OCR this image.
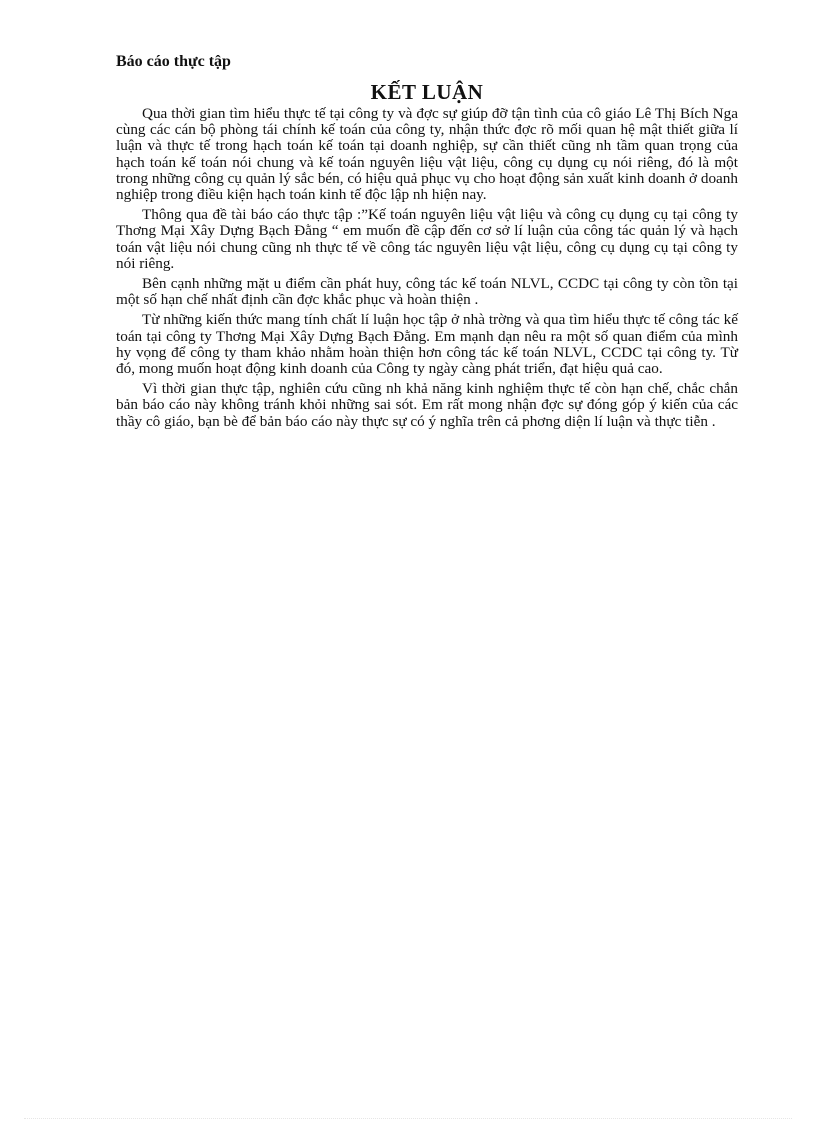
Báo cáo thực tập
KẾT LUẬN

Qua thời gian tìm hiểu thực tế tại công ty và đợc sự giúp đỡ tận tình của cô giáo Lê Thị Bích Nga cùng các cán bộ phòng tái chính kế toán của công ty, nhận thức đợc rõ mối quan hệ mật thiết giữa lí luận và thực tế trong hạch toán kế toán tại doanh nghiệp, sự cần thiết cũng nh tầm quan trọng của hạch toán kế toán nói chung và kế toán nguyên liệu vật liệu, công cụ dụng cụ nói riêng, đó là một trong những công cụ quản lý sắc bén, có hiệu quả phục vụ cho hoạt động sản xuất kinh doanh ở doanh nghiệp trong điều kiện hạch toán kinh tế độc lập nh hiện nay.

Thông qua đề tài báo cáo thực tập :”Kế toán nguyên liệu vật liệu và công cụ dụng cụ tại công ty Thơng Mại Xây Dựng Bạch Đằng “ em muốn đề cập đến cơ sở lí luận của công tác quản lý và hạch toán vật liệu nói chung cũng nh thực tế về công tác nguyên liệu vật liệu, công cụ dụng cụ tại công ty nói riêng.

Bên cạnh những mặt u điểm cần phát huy, công tác kế toán NLVL, CCDC tại công ty còn tồn tại một số hạn chế nhất định cần đợc khắc phục và hoàn thiện .

Từ những kiến thức mang tính chất lí luận học tập ở nhà trờng và qua tìm hiểu thực tế công tác kế toán tại công ty Thơng Mại Xây Dựng Bạch Đằng. Em mạnh dạn nêu ra một số quan điểm của mình hy vọng để công ty tham khảo nhằm hoàn thiện hơn công tác kế toán NLVL, CCDC tại công ty. Từ đó, mong muốn hoạt động kinh doanh của Công ty ngày càng phát triển, đạt hiệu quả cao.

Vì thời gian thực tập, nghiên cứu cũng nh khả năng kinh nghiệm thực tế còn hạn chế, chắc chắn bản báo cáo này không tránh khỏi những sai sót. Em rất mong nhận đợc sự đóng góp ý kiến của các thầy cô giáo, bạn bè để bản báo cáo này thực sự có ý nghĩa trên cả phơng diện lí luận và thực tiễn .
